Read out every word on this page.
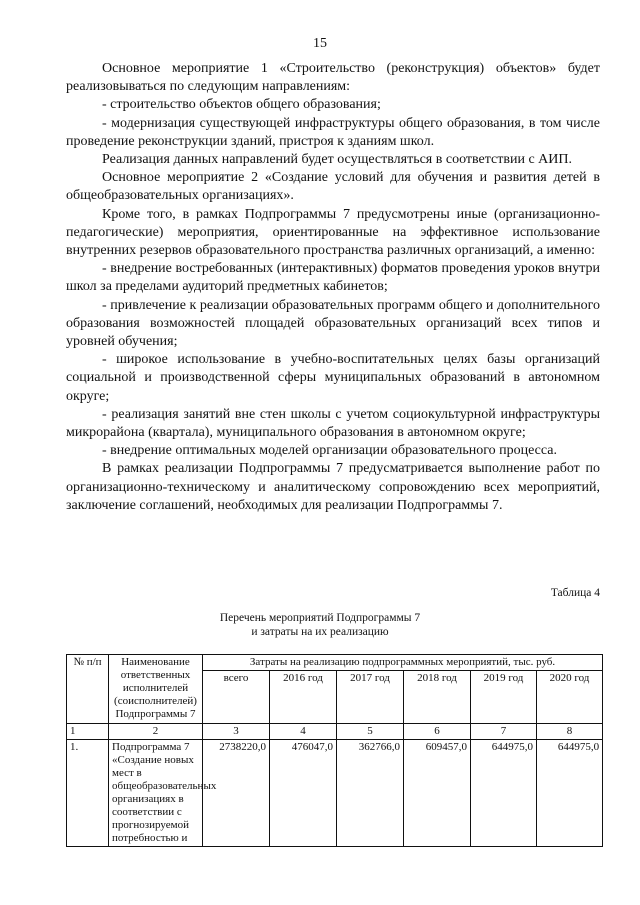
15

Основное мероприятие 1 «Строительство (реконструкция) объектов» будет реализовываться по следующим направлениям:

- строительство объектов общего образования;

- модернизация существующей инфраструктуры общего образования, в том числе проведение реконструкции зданий, пристроя к зданиям школ.

Реализация данных направлений будет осуществляться в соответствии с АИП.

Основное мероприятие 2 «Создание условий для обучения и развития детей в общеобразовательных организациях».

Кроме того, в рамках Подпрограммы 7 предусмотрены иные (организационно-педагогические) мероприятия, ориентированные на эффективное использование внутренних резервов образовательного пространства различных организаций, а именно:

- внедрение востребованных (интерактивных) форматов проведения уроков внутри школ за пределами аудиторий предметных кабинетов;

- привлечение к реализации образовательных программ общего и дополнительного образования возможностей площадей образовательных организаций всех типов и уровней обучения;

- широкое использование в учебно-воспитательных целях базы организаций социальной и производственной сферы муниципальных образований в автономном округе;

- реализация занятий вне стен школы с учетом социокультурной инфраструктуры микрорайона (квартала), муниципального образования в автономном округе;

- внедрение оптимальных моделей организации образовательного процесса.

В рамках реализации Подпрограммы 7 предусматривается выполнение работ по организационно-техническому и аналитическому сопровождению всех мероприятий, заключение соглашений, необходимых для реализации Подпрограммы 7.

Таблица 4
Перечень мероприятий Подпрограммы 7
и затраты на их реализацию
№ п/п	Наименование ответственных исполнителей (соисполнителей) Подпрограммы 7	Затраты на реализацию подпрограммных мероприятий, тыс. руб.					
		всего	2016 год	2017 год	2018 год	2019 год	2020 год
1	2	3	4	5	6	7	8
1.	Подпрограмма 7 «Создание новых мест в общеобразовательных организациях в соответствии с прогнозируемой потребностью и	2738220,0	476047,0	362766,0	609457,0	644975,0	644975,0
